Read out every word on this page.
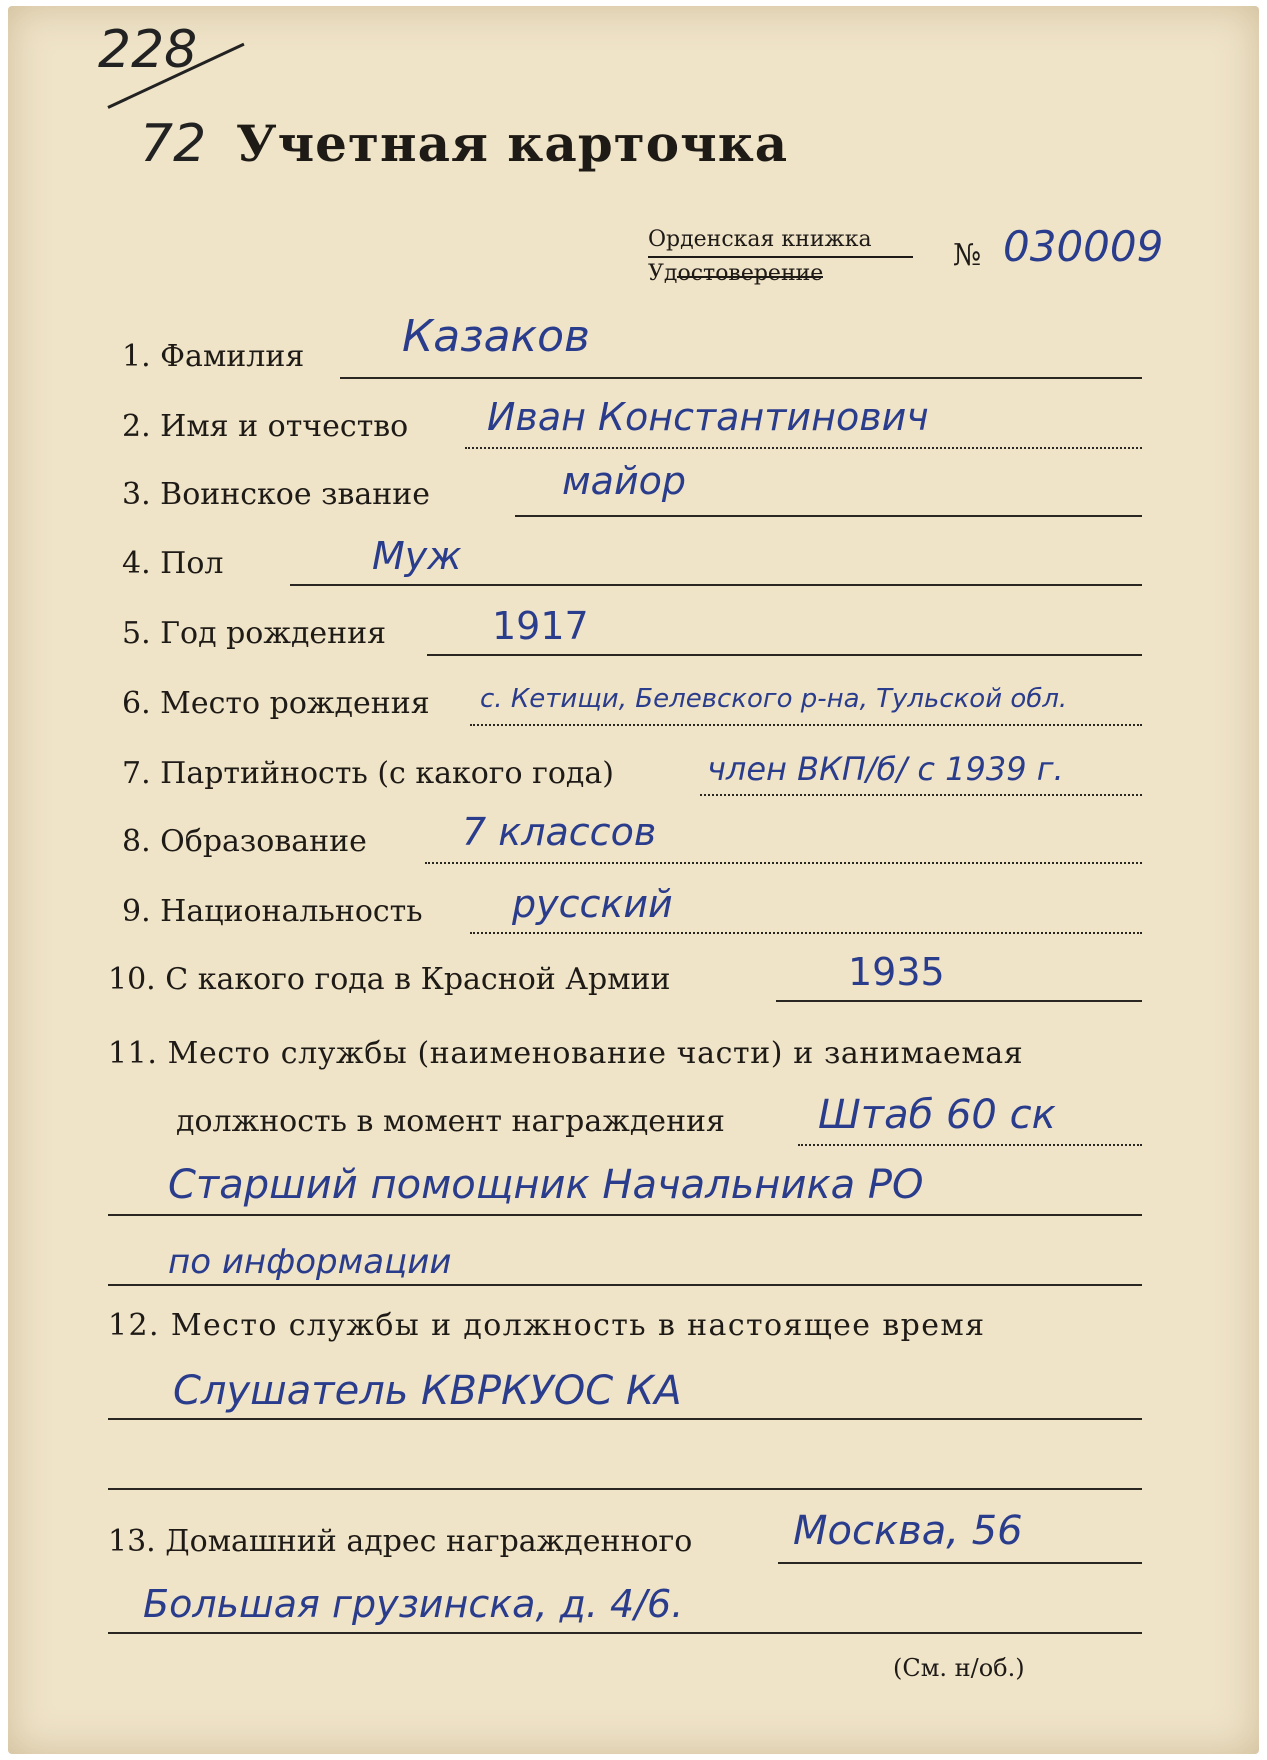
228
72 Учетная карточка
Орденская книжка
Удостоверение
№ 030009
1. Фамилия Казаков
2. Имя и отчество Иван Константинович
3. Воинское звание	майор
4. Пол	Муж
5. Год рождения	1917
6. Место рождения с. Кетищи, Белевского р-на, Тульской обл.
7. Партийность (с какого года)	член ВКП/б/ с 1939 г.
8. Образование	7 классов
9. Национальность русский
10. С какого года в Красной Армии	1935
11. Место службы (наименование части) и занимаемая
должность в момент награждения Штаб 60 ск
Старший помощник Начальника РО
по информации
12. Место службы и должность в настоящее время
Слушатель КВРКУОС КА
13. Домашний адрес награжденного	Москва, 56
Большая грузинска, д. 4/6.
(См. н/об.)
